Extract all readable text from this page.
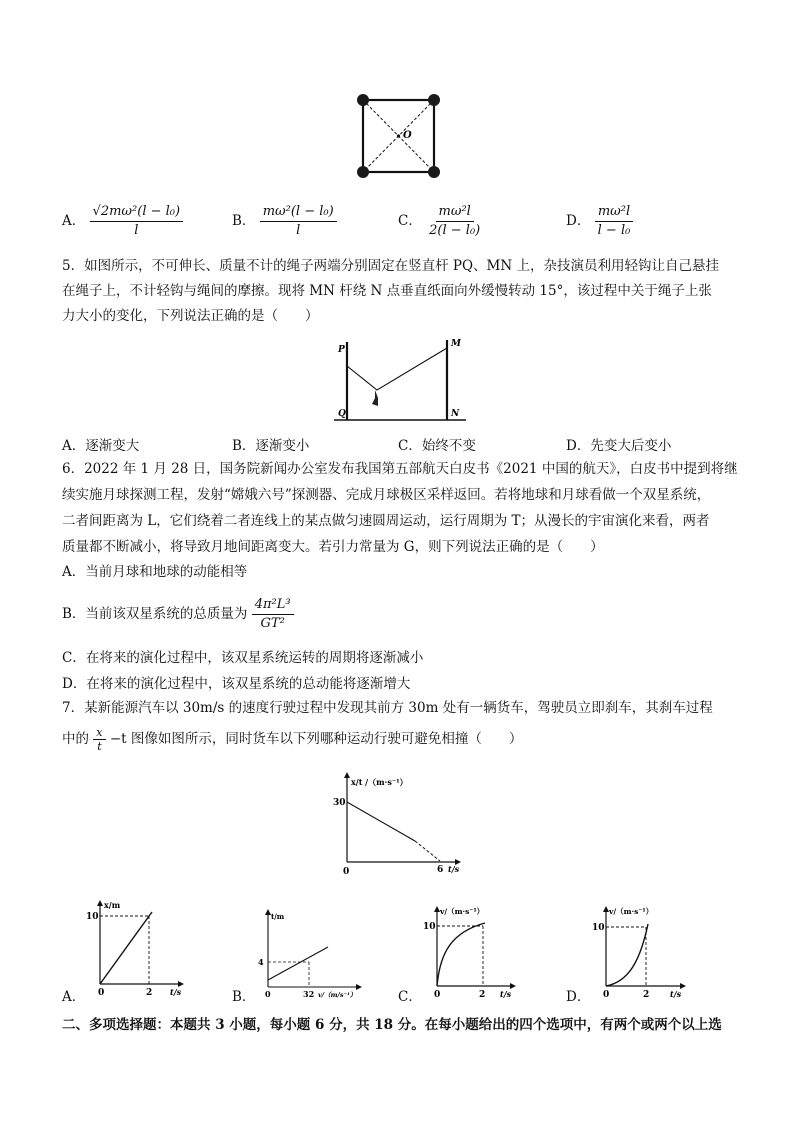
O
A． $\frac{\text{√2mω²(l − l₀)}}{l}$	B． $\frac{\text{mω²(l − l₀)}}{l}$	C． $\frac{\text{mω²l}}{\text{2(l − l₀)}}$	D． $\frac{\text{mω²l}}{\text{l − l₀}}$
5．如图所示，不可伸长、质量不计的绳子两端分别固定在竖直杆 PQ、MN 上，杂技演员利用轻钩让自己悬挂
在绳子上，不计轻钩与绳间的摩擦。现将 MN 杆绕 N 点垂直纸面向外缓慢转动 15°，该过程中关于绳子上张
力大小的变化，下列说法正确的是（　　）
P
Q
M
N
A．逐渐变大	B．逐渐变小	C．始终不变	D．先变大后变小
6．2022 年 1 月 28 日，国务院新闻办公室发布我国第五部航天白皮书《2021 中国的航天》，白皮书中提到将继
续实施月球探测工程，发射“嫦娥六号”探测器、完成月球极区采样返回。若将地球和月球看做一个双星系统，
二者间距离为 L，它们绕着二者连线上的某点做匀速圆周运动，运行周期为 T；从漫长的宇宙演化来看，两者
质量都不断减小，将导致月地间距离变大。若引力常量为 G，则下列说法正确的是（　　）
A．当前月球和地球的动能相等
B．当前该双星系统的总质量为 $\frac{\text{4π²L³}}{\text{GT²}}$
C．在将来的演化过程中，该双星系统运转的周期将逐渐减小
D．在将来的演化过程中，该双星系统的总动能将逐渐增大
7．某新能源汽车以 30m/s 的速度行驶过程中发现其前方 30m 处有一辆货车，驾驶员立即刹车，其刹车过程
中的 $\frac{x}{t} -t$ 图像如图所示，同时货车以下列哪种运动行驶可避免相撞（　　）
x/t /（m·s⁻¹）
30
0	6 t/s
A．
x/m
10
0	2 t/s	B．
t/m
4
0	32 v/（m/s⁻¹）	C．
v/（m·s⁻¹）
10
0	2 t/s	D．
v/（m·s⁻¹）
10
0	2	t/s
二、多项选择题：本题共 3 小题，每小题 6 分，共 18 分。在每小题给出的四个选项中，有两个或两个以上选
